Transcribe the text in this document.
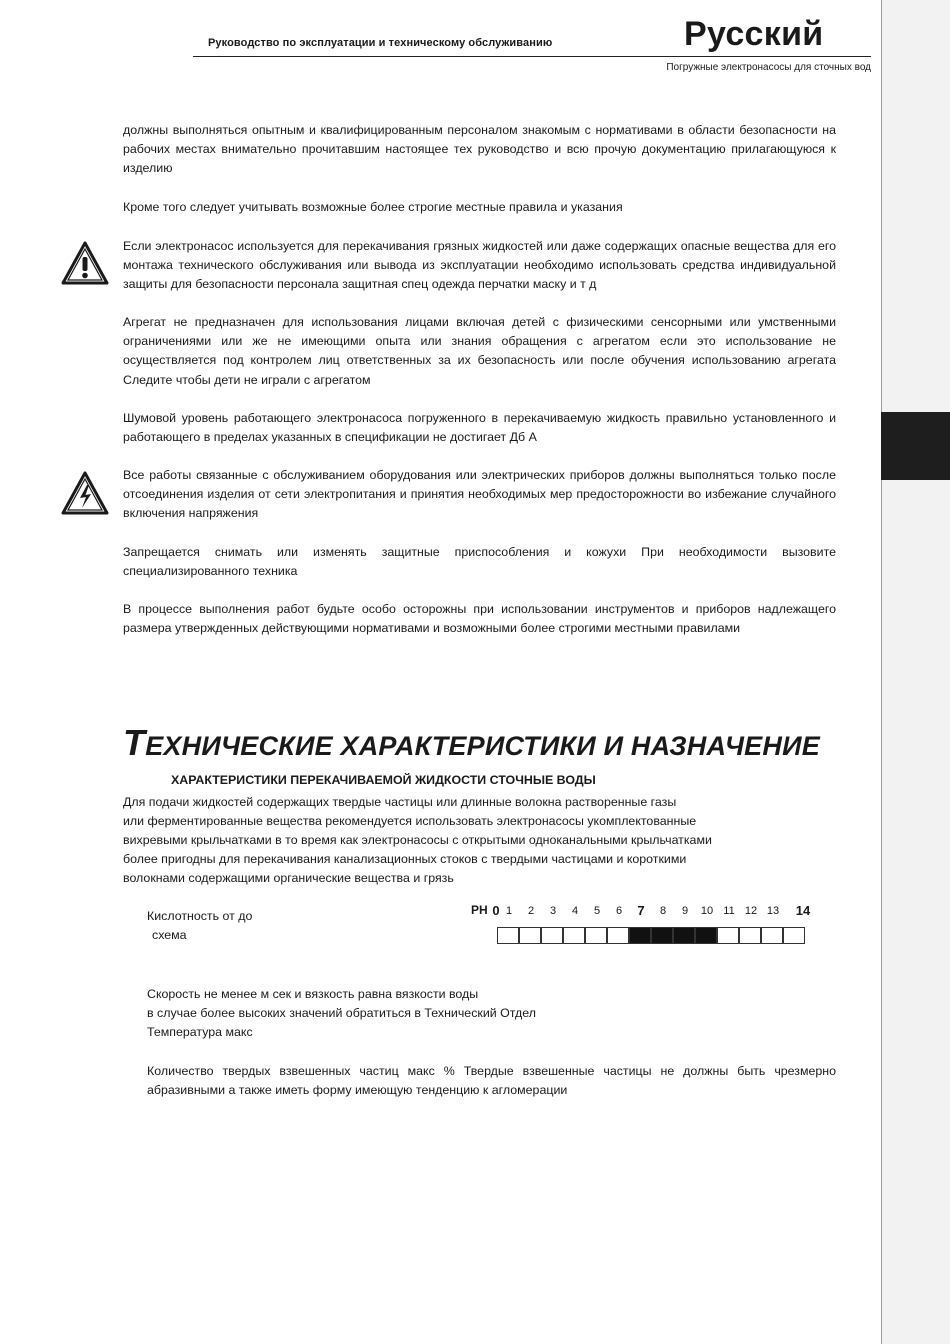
Руководство по эксплуатации и техническому обслуживанию	Русский
Погружные электронасосы для сточных вод

должны выполняться опытным и квалифицированным персоналом знакомым с нормативами в области безопасности на рабочих местах внимательно прочитавшим настоящее тех руководство и всю прочую документацию прилагающуюся к изделию

Кроме того следует учитывать возможные более строгие местные правила и указания

Если электронасос используется для перекачивания грязных жидкостей или даже содержащих опасные вещества для его монтажа технического обслуживания или вывода из эксплуатации необходимо использовать средства индивидуальной защиты для безопасности персонала защитная спец одежда перчатки маску и т д

Агрегат не предназначен для использования лицами включая детей с физическими сенсорными или умственными ограничениями или же не имеющими опыта или знания обращения с агрегатом если это использование не осуществляется под контролем лиц ответственных за их безопасность или после обучения использованию агрегата Следите чтобы дети не играли с агрегатом

Шумовой уровень работающего электронасоса погруженного в перекачиваемую жидкость правильно установленного и работающего в пределах указанных в спецификации не достигает Дб А

Все работы связанные с обслуживанием оборудования или электрических приборов должны выполняться только после отсоединения изделия от сети электропитания и принятия необходимых мер предосторожности во избежание случайного включения напряжения

Запрещается снимать или изменять защитные приспособления и кожухи При необходимости вызовите специализированного техника

В процессе выполнения работ будьте особо осторожны при использовании инструментов и приборов надлежащего размера утвержденных действующими нормативами и возможными более строгими местными правилами

ТЕХНИЧЕСКИЕ ХАРАКТЕРИСТИКИ И НАЗНАЧЕНИЕ
ХАРАКТЕРИСТИКИ ПЕРЕКАЧИВАЕМОЙ ЖИДКОСТИ СТОЧНЫЕ ВОДЫ

Для подачи жидкостей содержащих твердые частицы или длинные волокна растворенные газы

или ферментированные вещества рекомендуется использовать электронасосы укомплектованные

вихревыми крыльчатками в то время как электронасосы с открытыми одноканальными крыльчатками

более пригодны для перекачивания канализационных стоков с твердыми частицами и короткими

волокнами содержащими органические вещества и грязь

Кислотность от до
схема
PH 0 1	2	3	4	5	6	7	8	9	10 11 12 13	14

Скорость не менее м сек и вязкость равна вязкости воды

в случае более высоких значений обратиться в Технический Отдел

Температура макс

Количество твердых взвешенных частиц макс % Твердые взвешенные частицы не должны быть чрезмерно абразивными а также иметь форму имеющую тенденцию к агломерации
